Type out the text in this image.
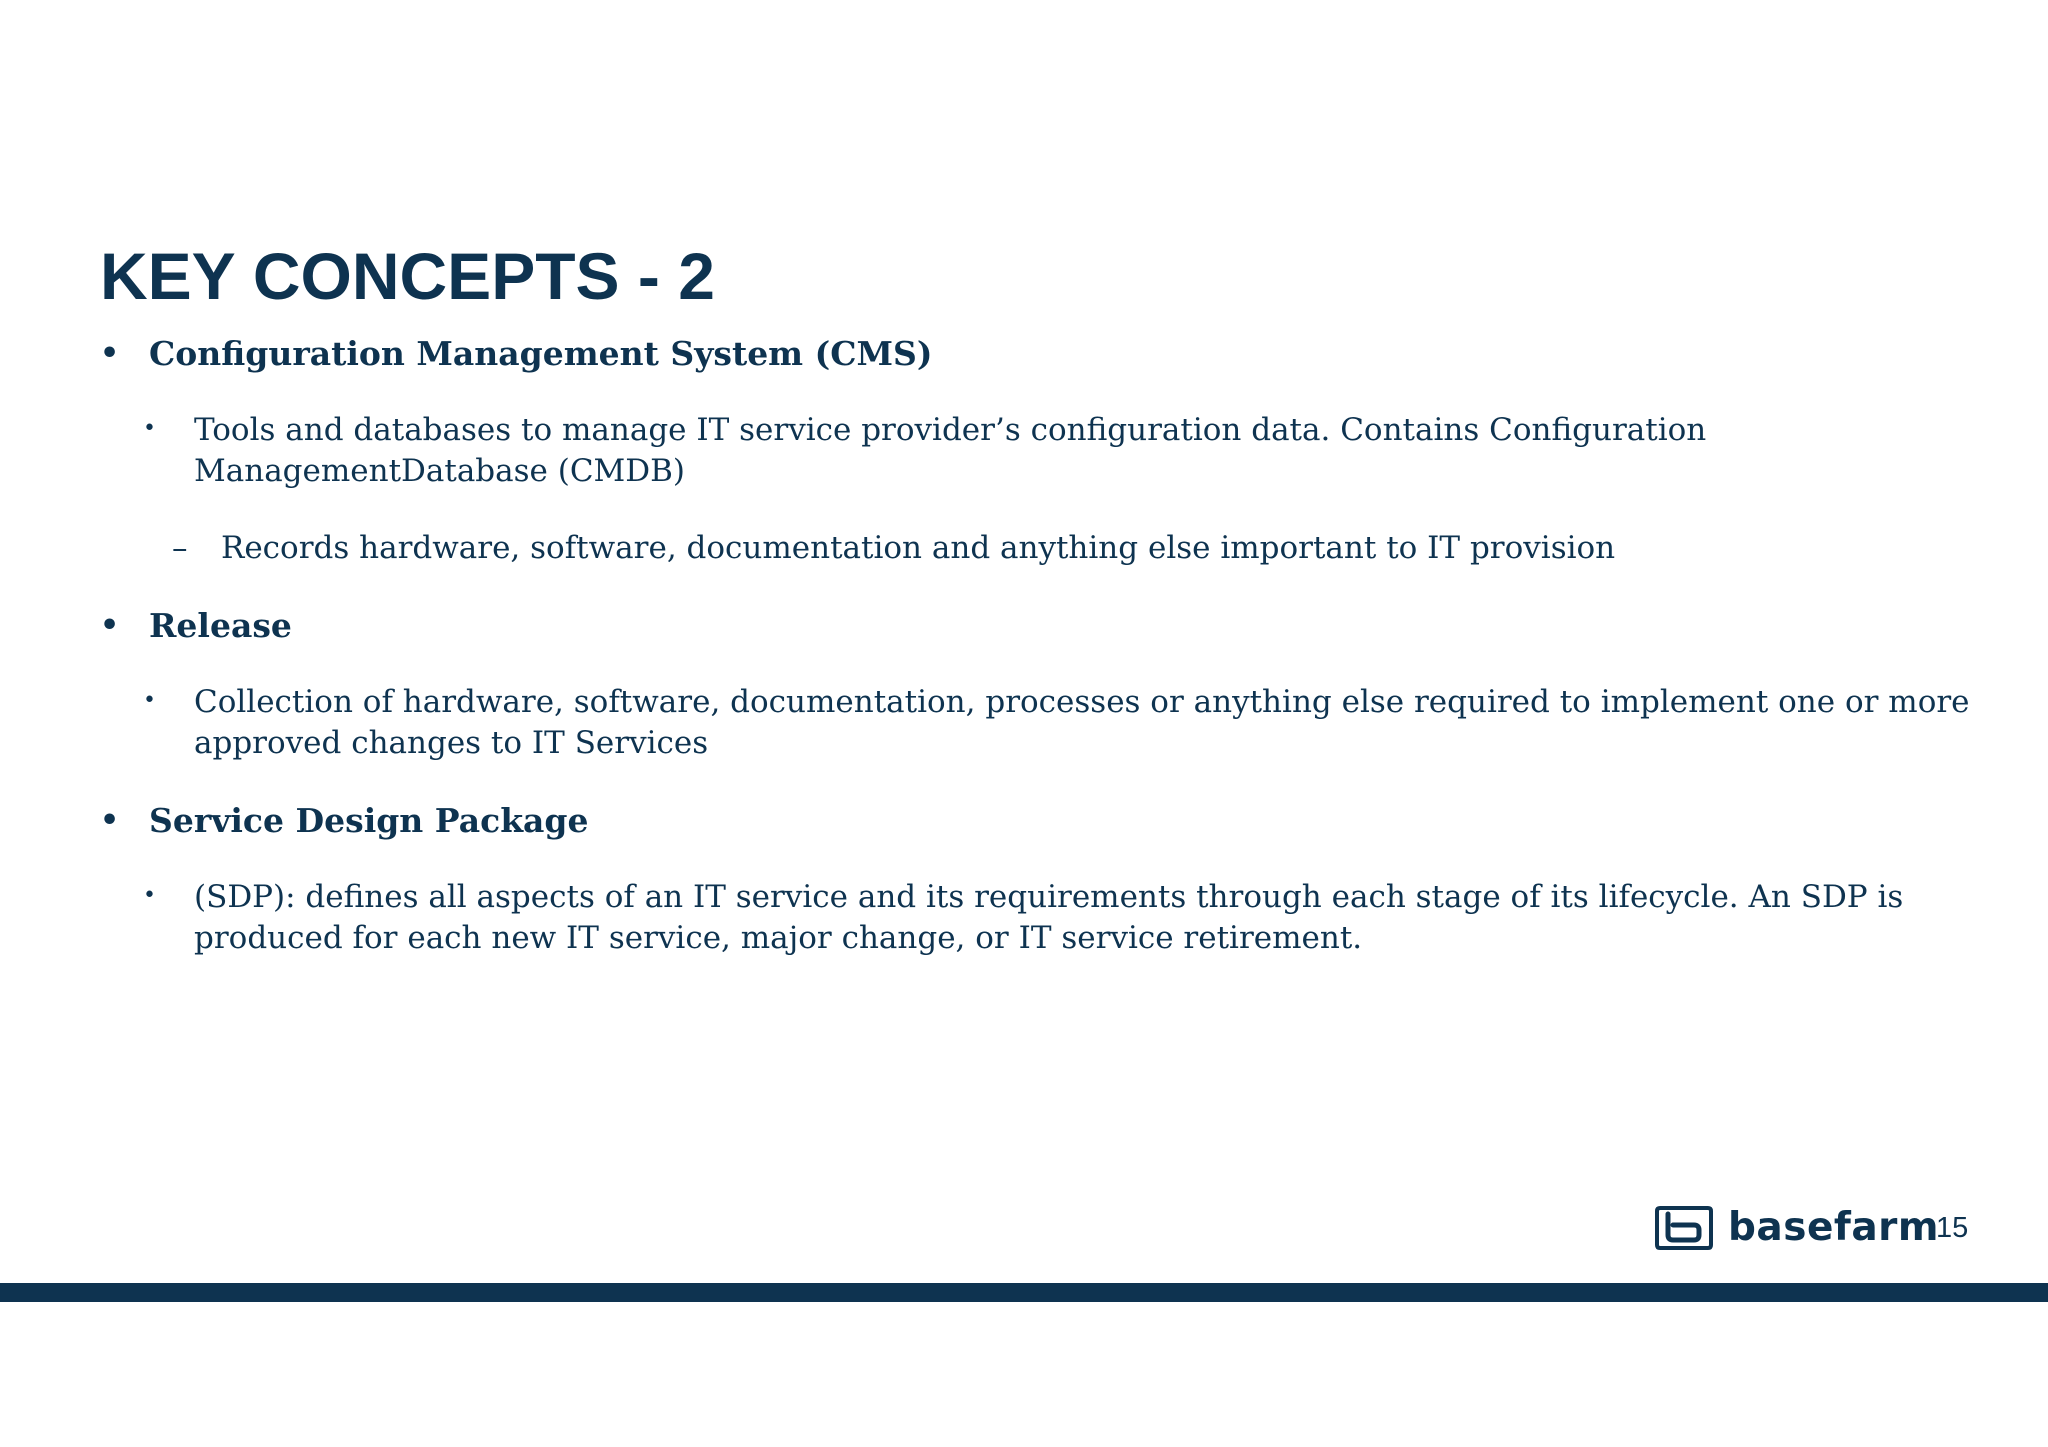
KEY CONCEPTS - 2
• Configuration Management System (CMS)
• Tools and databases to manage IT service provider’s configuration data. Contains Configuration ManagementDatabase (CMDB)
– Records hardware, software, documentation and anything else important to IT provision
• Release
• Collection of hardware, software, documentation, processes or anything else required to implement one or more approved changes to IT Services
• Service Design Package
• (SDP): defines all aspects of an IT service and its requirements through each stage of its lifecycle. An SDP is produced for each new IT service, major change, or IT service retirement.
basefarm
15
